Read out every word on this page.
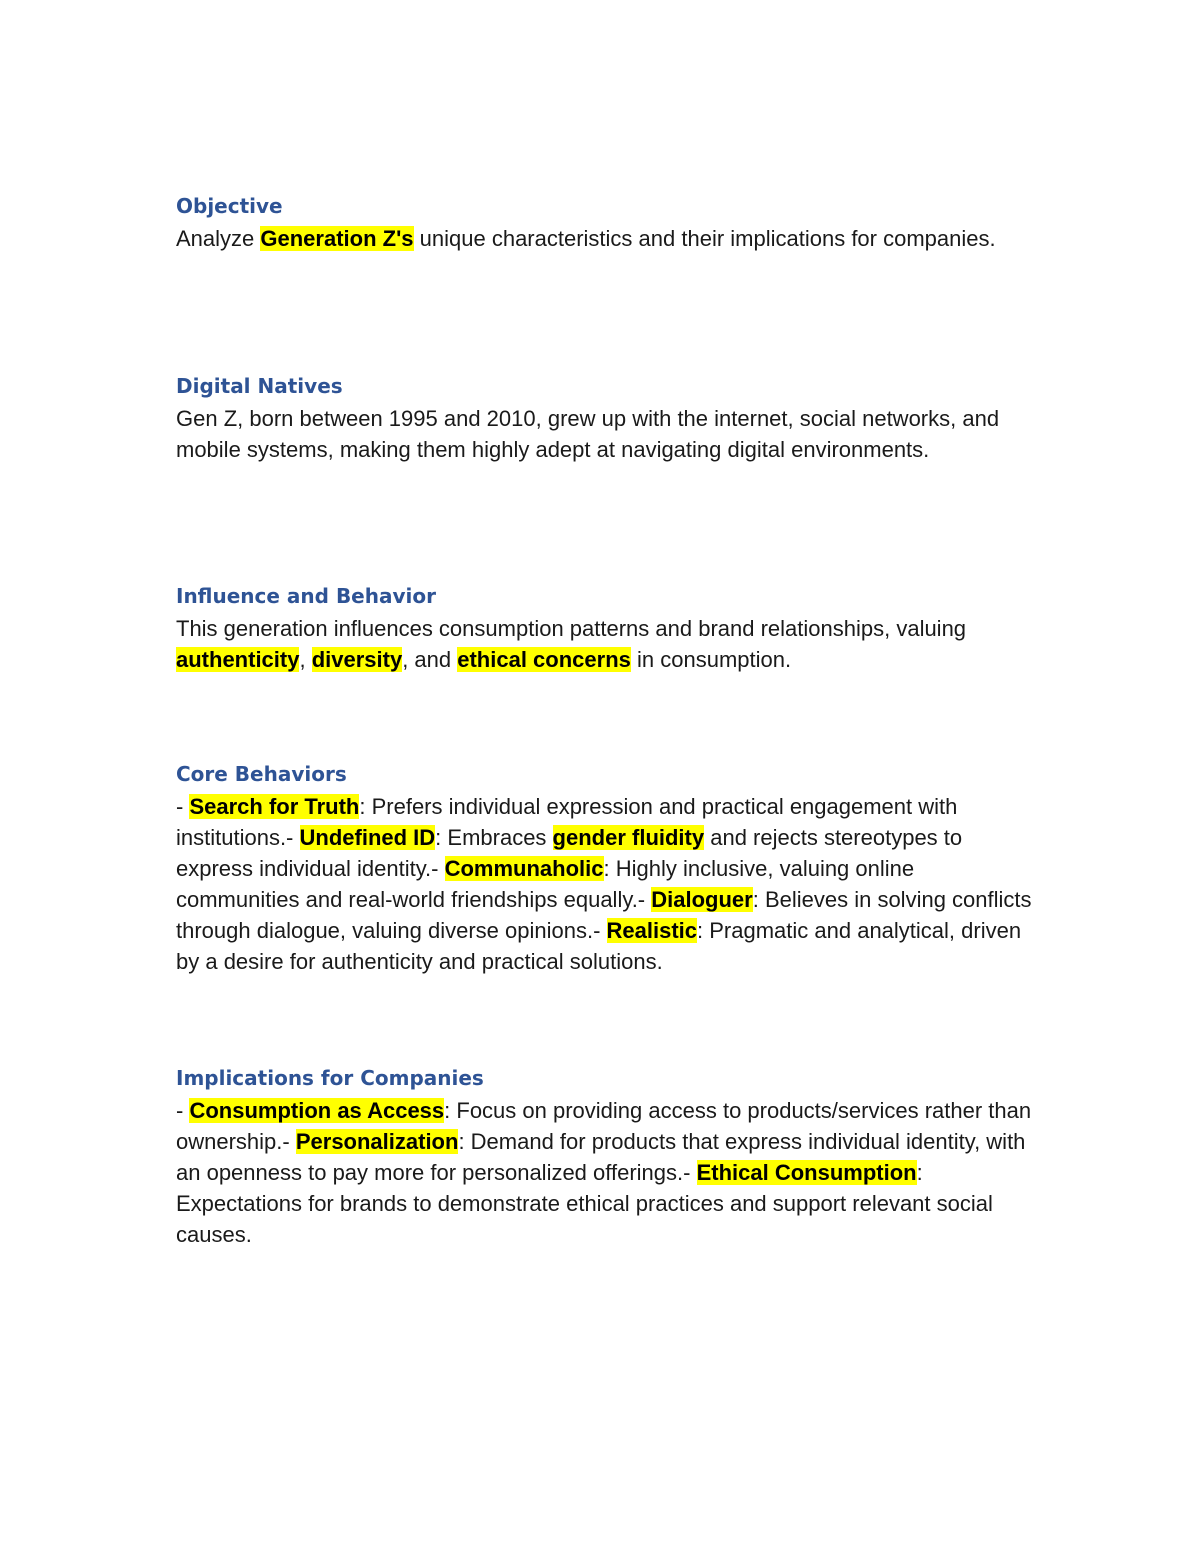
Objective

Analyze Generation Z's unique characteristics and their implications for companies.

Digital Natives

Gen Z, born between 1995 and 2010, grew up with the internet, social networks, and mobile systems, making them highly adept at navigating digital environments.

Influence and Behavior

This generation influences consumption patterns and brand relationships, valuing authenticity, diversity, and ethical concerns in consumption.

Core Behaviors

- Search for Truth: Prefers individual expression and practical engagement with institutions.- Undefined ID: Embraces gender fluidity and rejects stereotypes to express individual identity.- Communaholic: Highly inclusive, valuing online communities and real-world friendships equally.- Dialoguer: Believes in solving conflicts through dialogue, valuing diverse opinions.- Realistic: Pragmatic and analytical, driven by a desire for authenticity and practical solutions.

Implications for Companies

- Consumption as Access: Focus on providing access to products/services rather than ownership.- Personalization: Demand for products that express individual identity, with an openness to pay more for personalized offerings.- Ethical Consumption: Expectations for brands to demonstrate ethical practices and support relevant social causes.
